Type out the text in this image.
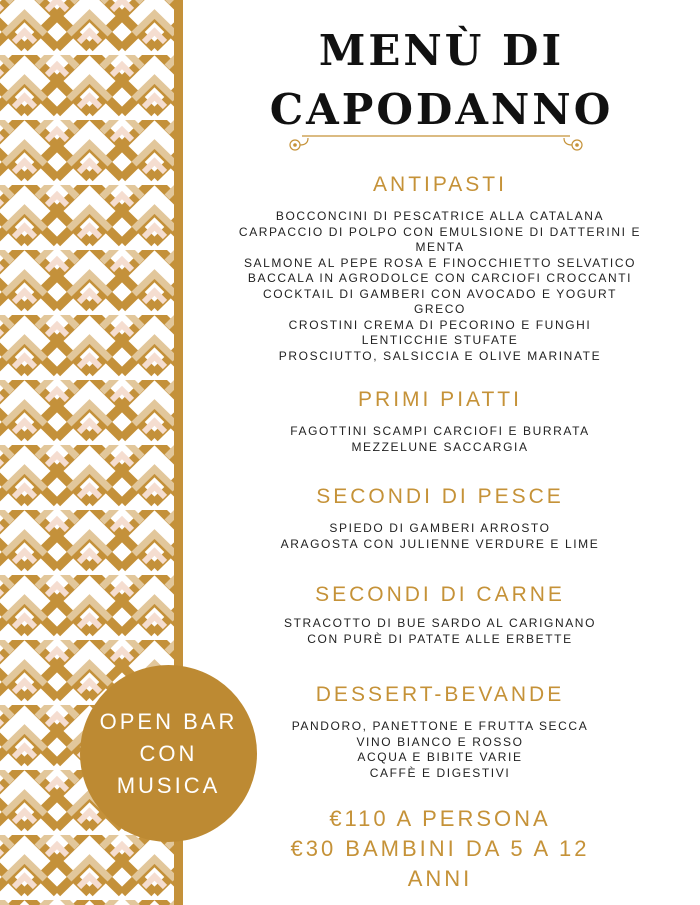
MENÙ DI
CAPODANNO
ANTIPASTI
BOCCONCINI DI PESCATRICE ALLA CATALANA
CARPACCIO DI POLPO CON EMULSIONE DI DATTERINI E
MENTA
SALMONE AL PEPE ROSA E FINOCCHIETTO SELVATICO
BACCALA IN AGRODOLCE CON CARCIOFI CROCCANTI
COCKTAIL DI GAMBERI CON AVOCADO E YOGURT
GRECO
CROSTINI CREMA DI PECORINO E FUNGHI
LENTICCHIE STUFATE
PROSCIUTTO, SALSICCIA E OLIVE MARINATE
PRIMI PIATTI
FAGOTTINI SCAMPI CARCIOFI E BURRATA
MEZZELUNE SACCARGIA
SECONDI DI PESCE
SPIEDO DI GAMBERI ARROSTO
ARAGOSTA CON JULIENNE VERDURE E LIME
SECONDI DI CARNE
STRACOTTO DI BUE SARDO AL CARIGNANO
CON PURÈ DI PATATE ALLE ERBETTE
DESSERT-BEVANDE
PANDORO, PANETTONE E FRUTTA SECCA
VINO BIANCO E ROSSO
ACQUA E BIBITE VARIE
CAFFÈ E DIGESTIVI
€110 A PERSONA
€30 BAMBINI DA 5 A 12
ANNI
OPEN BAR
CON
MUSICA
